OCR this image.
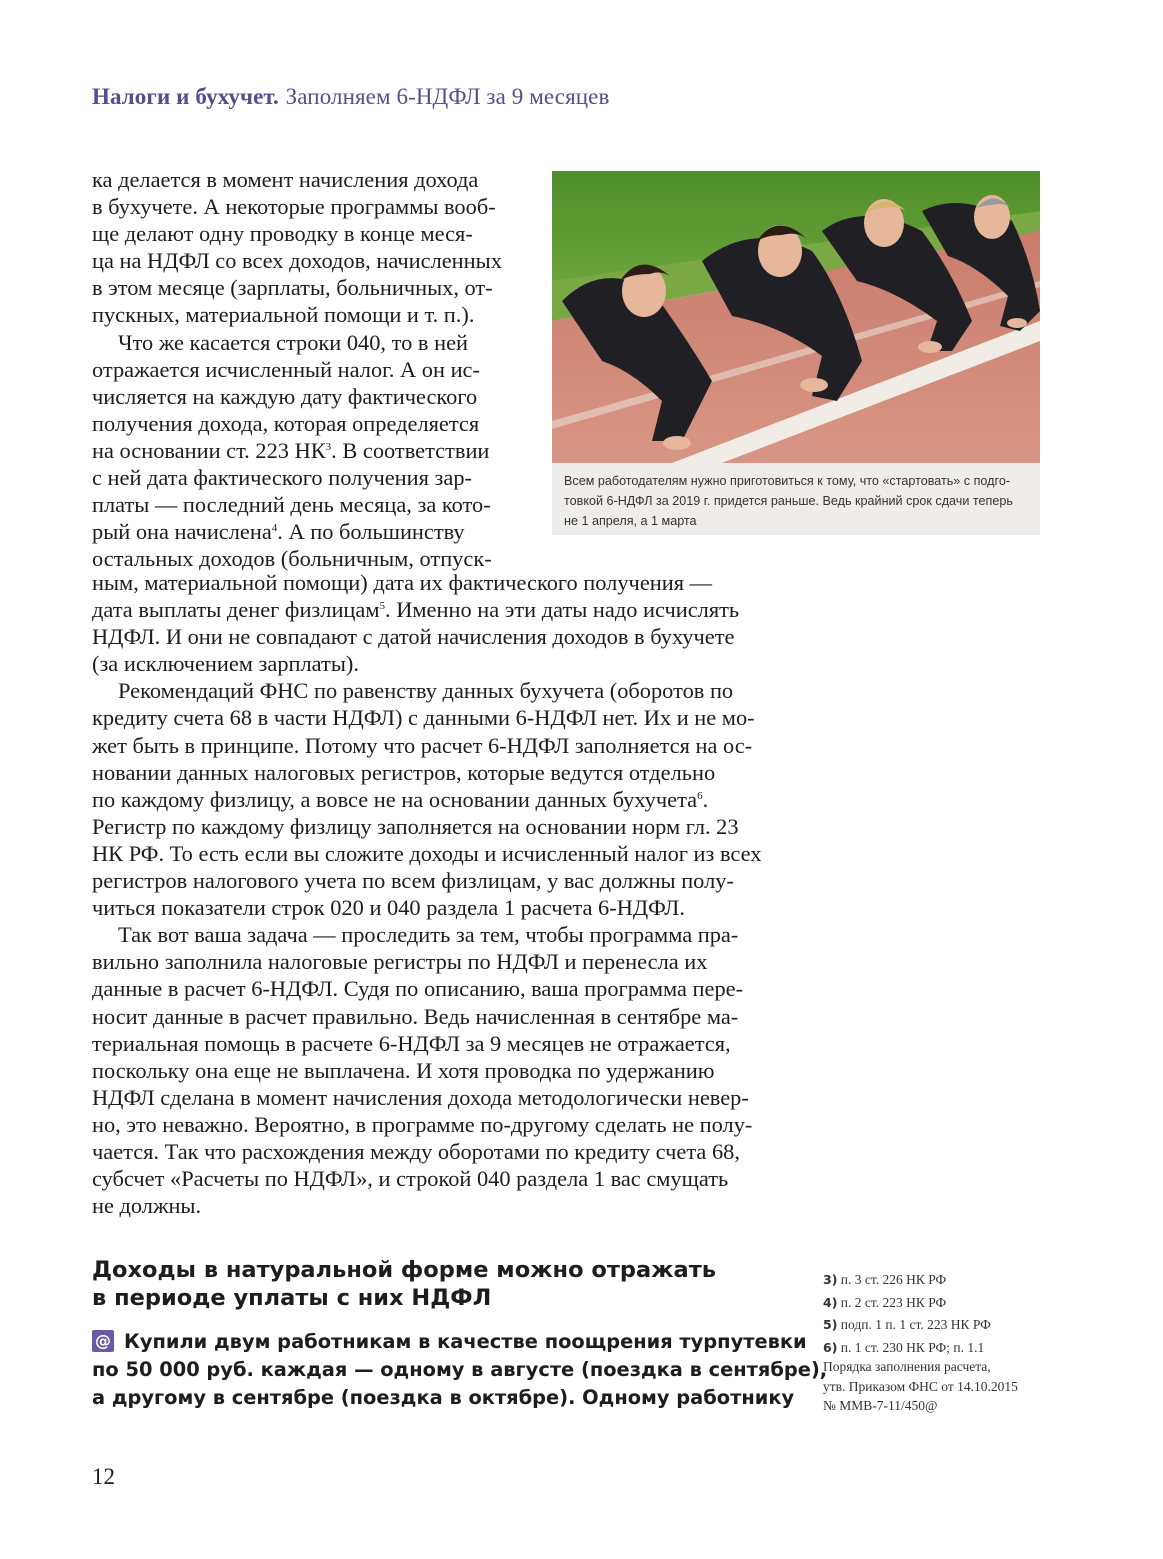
Налоги и бухучет. Заполняем 6-НДФЛ за 9 месяцев

ка делается в момент начисления дохода
в бухучете. А некоторые программы вооб-
ще делают одну проводку в конце меся-
ца на НДФЛ со всех доходов, начисленных
в этом месяце (зарплаты, больничных, от-
пускных, материальной помощи и т. п.).

Что же касается строки 040, то в ней
отражается исчисленный налог. А он ис-
числяется на каждую дату фактического
получения дохода, которая определяется
на основании ст. 223 $НК^3$. В соответствии
с ней дата фактического получения зар-
платы — последний день месяца, за кото-
рый она начислена$^4$. А по большинству
остальных доходов (больничным, отпуск-

Всем работодателям нужно приготовиться к тому, что «стартовать» с подго-
товкой 6-НДФЛ за 2019 г. придется раньше. Ведь крайний срок сдачи теперь
не 1 апреля, а 1 марта

ным, материальной помощи) дата их фактического получения —
дата выплаты денег физлицам$^5$. Именно на эти даты надо исчислять
НДФЛ. И они не совпадают с датой начисления доходов в бухучете
(за исключением зарплаты).

Рекомендаций ФНС по равенству данных бухучета (оборотов по
кредиту счета 68 в части НДФЛ) с данными 6-НДФЛ нет. Их и не мо-
жет быть в принципе. Потому что расчет 6-НДФЛ заполняется на ос-
новании данных налоговых регистров, которые ведутся отдельно
по каждому физлицу, а вовсе не на основании данных бухучета$^6$.
Регистр по каждому физлицу заполняется на основании норм гл. 23
НК РФ. То есть если вы сложите доходы и исчисленный налог из всех
регистров налогового учета по всем физлицам, у вас должны полу-
читься показатели строк 020 и 040 раздела 1 расчета 6-НДФЛ.

Так вот ваша задача — проследить за тем, чтобы программа пра-
вильно заполнила налоговые регистры по НДФЛ и перенесла их
данные в расчет 6-НДФЛ. Судя по описанию, ваша программа пере-
носит данные в расчет правильно. Ведь начисленная в сентябре ма-
териальная помощь в расчете 6-НДФЛ за 9 месяцев не отражается,
поскольку она еще не выплачена. И хотя проводка по удержанию
НДФЛ сделана в момент начисления дохода методологически невер-
но, это неважно. Вероятно, в программе по-другому сделать не полу-
чается. Так что расхождения между оборотами по кредиту счета 68,
субсчет «Расчеты по НДФЛ», и строкой 040 раздела 1 вас смущать
не должны.

Доходы в натуральной форме можно отражать
в периоде уплаты с них НДФЛ
@ Купили двум работникам в качестве поощрения турпутевки
по 50 000 руб. каждая — одному в августе (поездка в сентябре),
а другому в сентябре (поездка в октябре). Одному работнику
3) п. 3 ст. 226 НК РФ
4) п. 2 ст. 223 НК РФ
5) подп. 1 п. 1 ст. 223 НК РФ
6) п. 1 ст. 230 НК РФ; п. 1.1
Порядка заполнения расчета,
утв. Приказом ФНС от 14.10.2015
№ ММВ-7-11/450@
12
